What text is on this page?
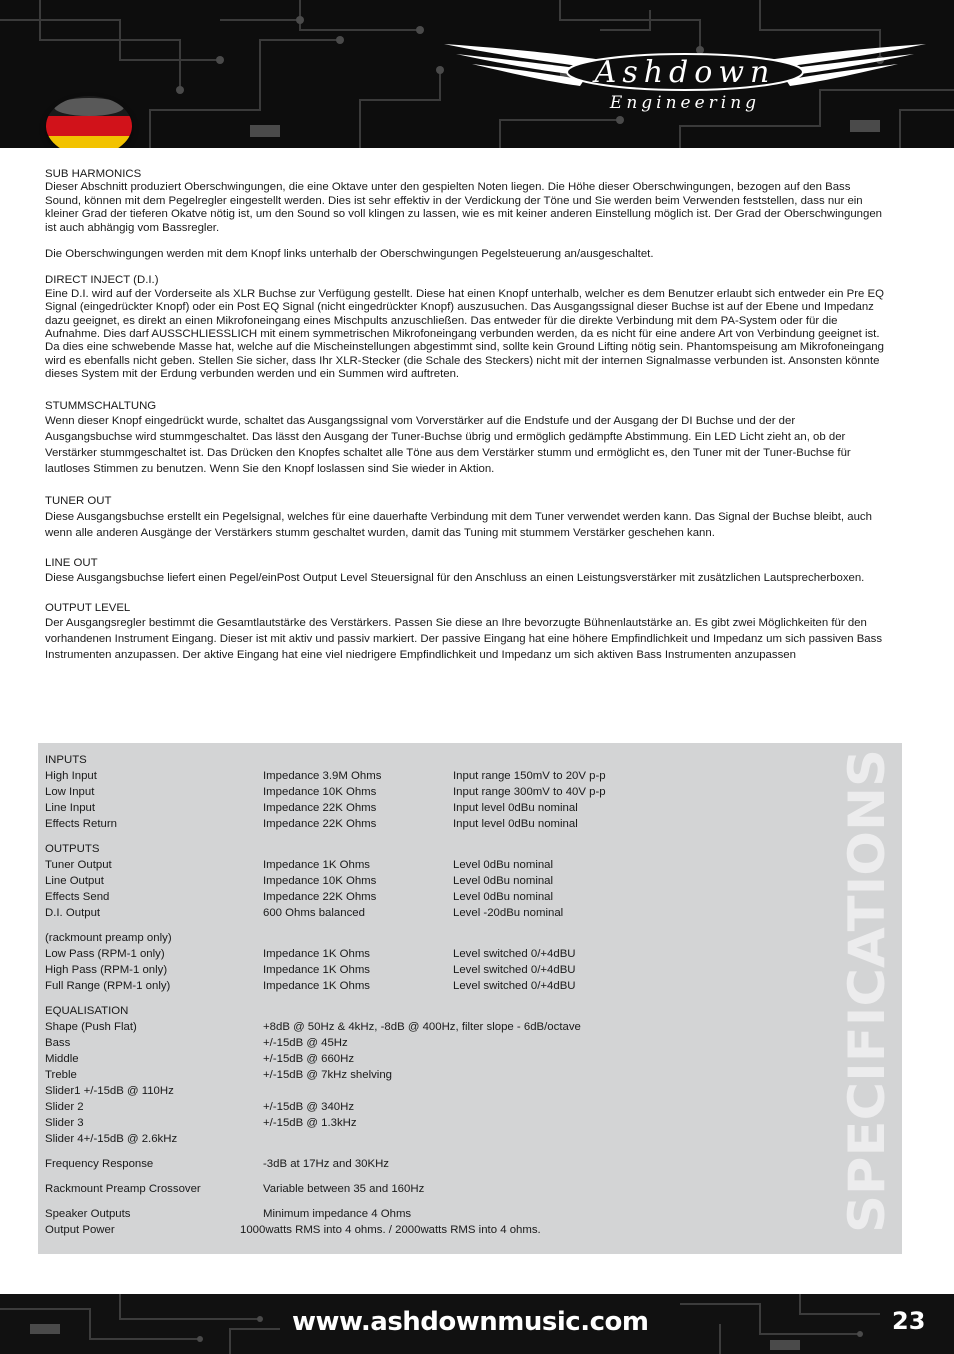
Ashdown
Engineering
SUB HARMONICS

Dieser Abschnitt produziert Oberschwingungen, die eine Oktave unter den gespielten Noten liegen. Die Höhe dieser Oberschwingungen, bezogen auf den Bass Sound, können mit dem Pegelregler eingestellt werden. Dies ist sehr effektiv in der Verdickung der Töne und Sie werden beim Verwenden feststellen, dass nur ein kleiner Grad der tieferen Okatve nötig ist, um den Sound so voll klingen zu lassen, wie es mit keiner anderen Einstellung möglich ist. Der Grad der Oberschwingungen ist auch abhängig vom Bassregler.

Die Oberschwingungen werden mit dem Knopf links unterhalb der Oberschwingungen Pegelsteuerung an/ausgeschaltet.

DIRECT INJECT (D.I.)

Eine D.I. wird auf der Vorderseite als XLR Buchse zur Verfügung gestellt. Diese hat einen Knopf unterhalb, welcher es dem Benutzer erlaubt sich entweder ein Pre EQ Signal (eingedrückter Knopf) oder ein Post EQ Signal (nicht eingedrückter Knopf) auszusuchen. Das Ausgangssignal dieser Buchse ist auf der Ebene und Impedanz dazu geeignet, es direkt an einen Mikrofoneingang eines Mischpults anzuschließen. Das entweder für die direkte Verbindung mit dem PA-System oder für die Aufnahme. Dies darf AUSSCHLIESSLICH mit einem symmetrischen Mikrofoneingang verbunden werden, da es nicht für eine andere Art von Verbindung geeignet ist. Da dies eine schwebende Masse hat, welche auf die Mischeinstellungen abgestimmt sind, sollte kein Ground Lifting nötig sein. Phantomspeisung am Mikrofoneingang wird es ebenfalls nicht geben. Stellen Sie sicher, dass Ihr XLR-Stecker (die Schale des Steckers) nicht mit der internen Signalmasse verbunden ist. Ansonsten könnte dieses System mit der Erdung verbunden werden und ein Summen wird auftreten.

STUMMSCHALTUNG

Wenn dieser Knopf eingedrückt wurde, schaltet das Ausgangssignal vom Vorverstärker auf die Endstufe und der Ausgang der DI Buchse und der der Ausgangsbuchse wird stummgeschaltet. Das lässt den Ausgang der Tuner-Buchse übrig und ermöglich gedämpfte Abstimmung. Ein LED Licht zieht an, ob der Verstärker stummgeschaltet ist. Das Drücken den Knopfes schaltet alle Töne aus dem Verstärker stumm und ermöglicht es, den Tuner mit der Tuner-Buchse für lautloses Stimmen zu benutzen. Wenn Sie den Knopf loslassen sind Sie wieder in Aktion.

TUNER OUT

Diese Ausgangsbuchse erstellt ein Pegelsignal, welches für eine dauerhafte Verbindung mit dem Tuner verwendet werden kann. Das Signal der Buchse bleibt, auch wenn alle anderen Ausgänge der Verstärkers stumm geschaltet wurden, damit das Tuning mit stummem Verstärker geschehen kann.

LINE OUT

Diese Ausgangsbuchse liefert einen Pegel/einPost Output Level Steuersignal für den Anschluss an einen Leistungsverstärker mit zusätzlichen Lautsprecherboxen.

OUTPUT LEVEL

Der Ausgangsregler bestimmt die Gesamtlautstärke des Verstärkers. Passen Sie diese an Ihre bevorzugte Bühnenlautstärke an. Es gibt zwei Möglichkeiten für den vorhandenen Instrument Eingang. Dieser ist mit aktiv und passiv markiert. Der passive Eingang hat eine höhere Empfindlichkeit und Impedanz um sich passiven Bass Instrumenten anzupassen. Der aktive Eingang hat eine viel niedrigere Empfindlichkeit und Impedanz um sich aktiven Bass Instrumenten anzupassen

INPUTS
High Input	Impedance 3.9M Ohms	Input range 150mV to 20V p-p
Low Input	Impedance 10K Ohms	Input range 300mV to 40V p-p
Line Input	Impedance 22K Ohms	Input level 0dBu nominal
Effects Return	Impedance 22K Ohms	Input level 0dBu nominal
OUTPUTS
Tuner Output	Impedance 1K Ohms	Level 0dBu nominal
Line Output	Impedance 10K Ohms	Level 0dBu nominal
Effects Send	Impedance 22K Ohms	Level 0dBu nominal
D.I. Output	600 Ohms balanced	Level -20dBu nominal
(rackmount preamp only)
Low Pass (RPM-1 only)	Impedance 1K Ohms	Level switched 0/+4dBU
High Pass (RPM-1 only)	Impedance 1K Ohms	Level switched 0/+4dBU
Full Range (RPM-1 only)	Impedance 1K Ohms	Level switched 0/+4dBU
EQUALISATION
Shape (Push Flat)	+8dB @ 50Hz & 4kHz, -8dB @ 400Hz, filter slope - 6dB/octave
Bass	+/-15dB @ 45Hz
Middle	+/-15dB @ 660Hz
Treble	+/-15dB @ 7kHz shelving
Slider1 +/-15dB @ 110Hz
Slider 2	+/-15dB @ 340Hz
Slider 3	+/-15dB @ 1.3kHz
Slider 4+/-15dB @ 2.6kHz
Frequency Response	-3dB at 17Hz and 30KHz
Rackmount Preamp Crossover	Variable between 35 and 160Hz
Speaker Outputs	Minimum impedance 4 Ohms
Output Power	1000watts RMS into 4 ohms. / 2000watts RMS into 4 ohms.	SPECIFICATIONS
www.ashdownmusic.com	23
